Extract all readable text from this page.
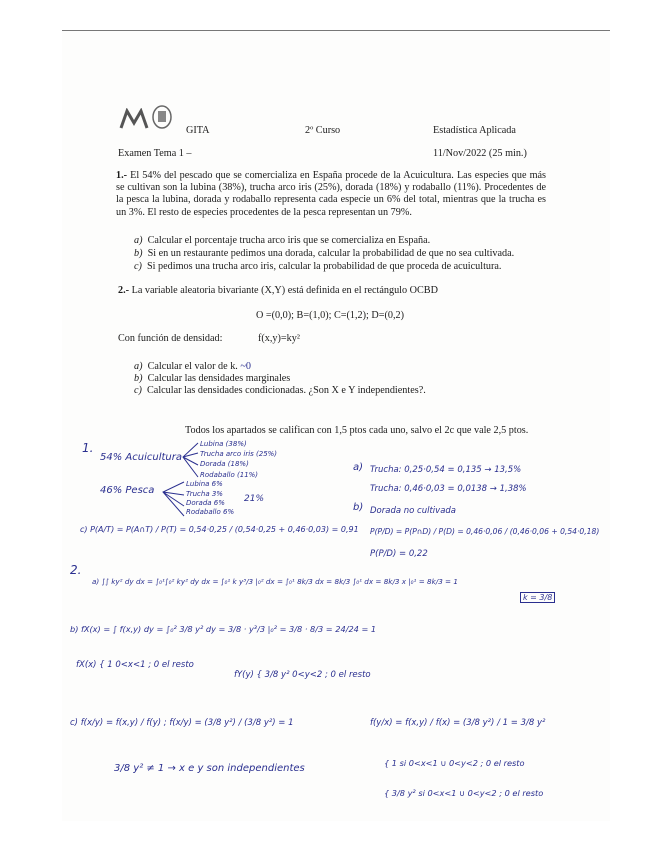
GITA	2º Curso	Estadística Aplicada
Examen Tema 1 –	11/Nov/2022 (25 min.)
1.- El 54% del pescado que se comercializa en España procede de la Acuicultura. Las especies que más se cultivan son la lubina (38%), trucha arco iris (25%), dorada (18%) y rodaballo (11%). Procedentes de la pesca la lubina, dorada y rodaballo representa cada especie un 6% del total, mientras que la trucha es un 3%. El resto de especies procedentes de la pesca representan un 79%.
a) Calcular el porcentaje trucha arco iris que se comercializa en España.
b) Si en un restaurante pedimos una dorada, calcular la probabilidad de que no sea cultivada.
c) Si pedimos una trucha arco iris, calcular la probabilidad de que proceda de acuicultura.
2.- La variable aleatoria bivariante (X,Y) está definida en el rectángulo OCBD
O =(0,0); B=(1,0); C=(1,2); D=(0,2)
Con función de densidad:	f(x,y)=ky²
a) Calcular el valor de k. ~0
b) Calcular las densidades marginales
c) Calcular las densidades condicionadas. ¿Son X e Y independientes?.
Todos los apartados se califican con 1,5 ptos cada uno, salvo el 2c que vale 2,5 ptos.
1.
54% Acuicultura
Lubina (38%)
Trucha arco iris (25%)
Dorada (18%)
Rodaballo (11%)
46% Pesca
Lubina 6%
Trucha 3%
Dorada 6%
Rodaballo 6%
21%
a) Trucha: 0,25·0,54 = 0,135 → 13,5%
Trucha: 0,46·0,03 = 0,0138 → 1,38%
b) Dorada no cultivada
P(P/D) = P(P∩D) / P(D) = 0,46·0,06 / (0,46·0,06 + 0,54·0,18)
P(P/D) = 0,22
c) P(A/T) = P(A∩T) / P(T) = 0,54·0,25 / (0,54·0,25 + 0,46·0,03) = 0,91
2.
a) ∫∫ ky² dy dx = ∫₀¹∫₀² ky² dy dx = ∫₀¹ k y³/3 |₀² dx = ∫₀¹ 8k/3 dx = 8k/3 ∫₀¹ dx = 8k/3 x |₀¹ = 8k/3 = 1
k = 3/8
b) fX(x) = ∫ f(x,y) dy = ∫₀² 3/8 y² dy = 3/8 · y³/3 |₀² = 3/8 · 8/3 = 24/24 = 1
fX(x) { 1 0<x<1 ; 0 el resto
fY(y) { 3/8 y² 0<y<2 ; 0 el resto
c) f(x/y) = f(x,y) / f(y) ; f(x/y) = (3/8 y²) / (3/8 y²) = 1	f(y/x) = f(x,y) / f(x) = (3/8 y²) / 1 = 3/8 y²
3/8 y² ≠ 1 → x e y son independientes	{ 1 si 0<x<1 ∪ 0<y<2 ; 0 el resto
{ 3/8 y² si 0<x<1 ∪ 0<y<2 ; 0 el resto
